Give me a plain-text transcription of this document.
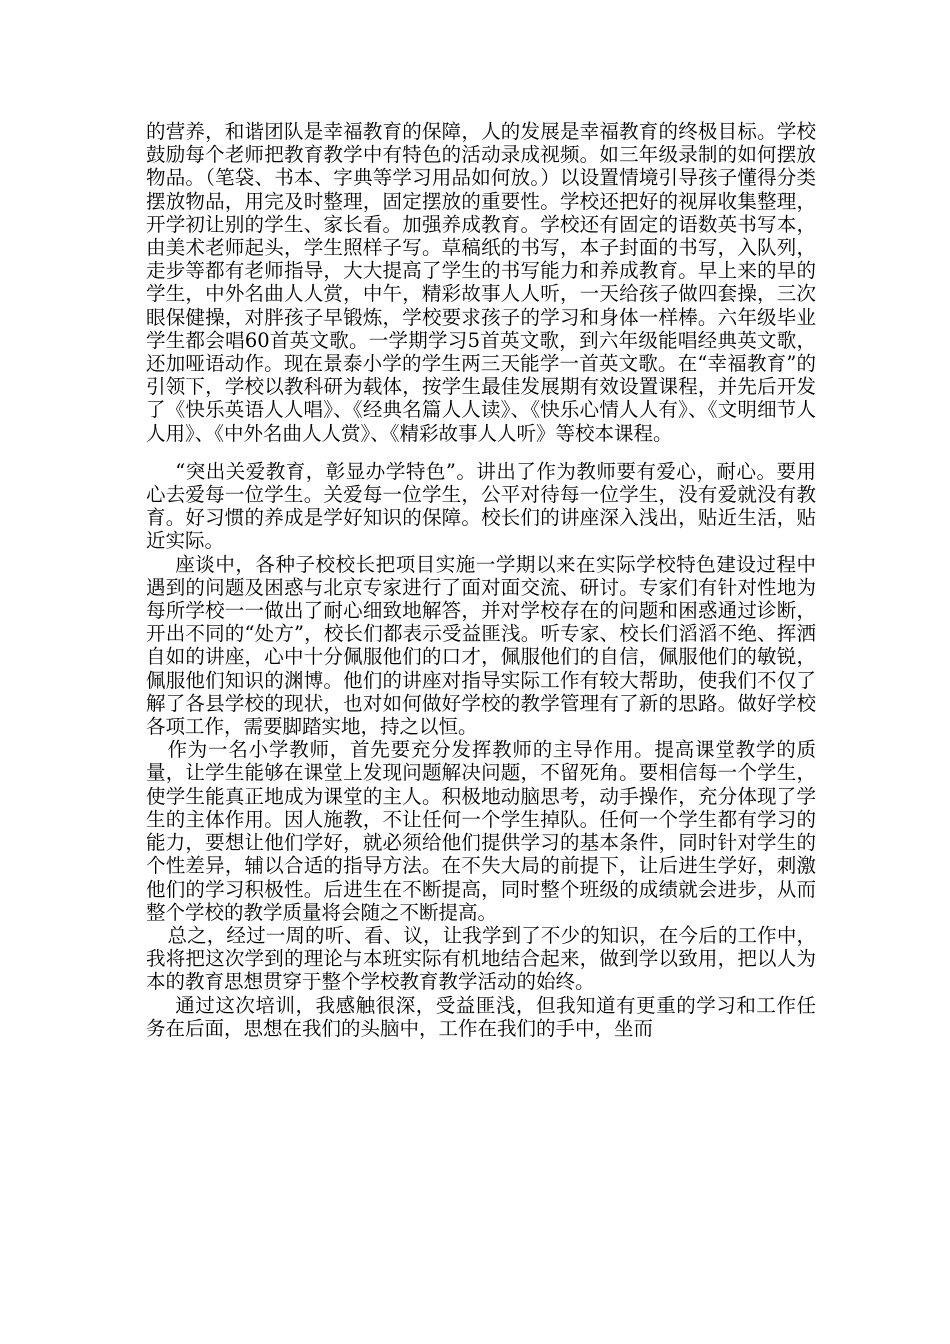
的营养，和谐团队是幸福教育的保障，人的发展是幸福教育的终极目标。学校鼓励每个老师把教育教学中有特色的活动录成视频。如三年级录制的如何摆放物品。（笔袋、书本、字典等学习用品如何放。）以设置情境引导孩子懂得分类摆放物品，用完及时整理，固定摆放的重要性。学校还把好的视屏收集整理，开学初让别的学生、家长看。加强养成教育。学校还有固定的语数英书写本，由美术老师起头，学生照样子写。草稿纸的书写，本子封面的书写，入队列，走步等都有老师指导，大大提高了学生的书写能力和养成教育。早上来的早的学生，中外名曲人人赏，中午，精彩故事人人听，一天给孩子做四套操，三次眼保健操，对胖孩子早锻炼，学校要求孩子的学习和身体一样棒。六年级毕业学生都会唱60首英文歌。一学期学习5首英文歌，到六年级能唱经典英文歌，还加哑语动作。现在景泰小学的学生两三天能学一首英文歌。在“幸福教育”的引领下，学校以教科研为载体，按学生最佳发展期有效设置课程，并先后开发了《快乐英语人人唱》、《经典名篇人人读》、《快乐心情人人有》、《文明细节人人用》、《中外名曲人人赏》、《精彩故事人人听》等校本课程。

“突出关爱教育，彰显办学特色”。讲出了作为教师要有爱心，耐心。要用心去爱每一位学生。关爱每一位学生，公平对待每一位学生，没有爱就没有教育。好习惯的养成是学好知识的保障。校长们的讲座深入浅出，贴近生活，贴近实际。

座谈中，各种子校校长把项目实施一学期以来在实际学校特色建设过程中遇到的问题及困惑与北京专家进行了面对面交流、研讨。专家们有针对性地为每所学校一一做出了耐心细致地解答，并对学校存在的问题和困惑通过诊断，开出不同的“处方”，校长们都表示受益匪浅。听专家、校长们滔滔不绝、挥洒自如的讲座，心中十分佩服他们的口才，佩服他们的自信，佩服他们的敏锐，佩服他们知识的渊博。他们的讲座对指导实际工作有较大帮助，使我们不仅了解了各县学校的现状，也对如何做好学校的教学管理有了新的思路。做好学校各项工作，需要脚踏实地，持之以恒。

作为一名小学教师，首先要充分发挥教师的主导作用。提高课堂教学的质量，让学生能够在课堂上发现问题解决问题，不留死角。要相信每一个学生，使学生能真正地成为课堂的主人。积极地动脑思考，动手操作，充分体现了学生的主体作用。因人施教，不让任何一个学生掉队。任何一个学生都有学习的能力，要想让他们学好，就必须给他们提供学习的基本条件，同时针对学生的个性差异，辅以合适的指导方法。在不失大局的前提下，让后进生学好，刺激他们的学习积极性。后进生在不断提高，同时整个班级的成绩就会进步，从而整个学校的教学质量将会随之不断提高。

总之，经过一周的听、看、议，让我学到了不少的知识，在今后的工作中，我将把这次学到的理论与本班实际有机地结合起来，做到学以致用，把以人为本的教育思想贯穿于整个学校教育教学活动的始终。

通过这次培训，我感触很深，受益匪浅，但我知道有更重的学习和工作任务在后面，思想在我们的头脑中，工作在我们的手中，坐而
